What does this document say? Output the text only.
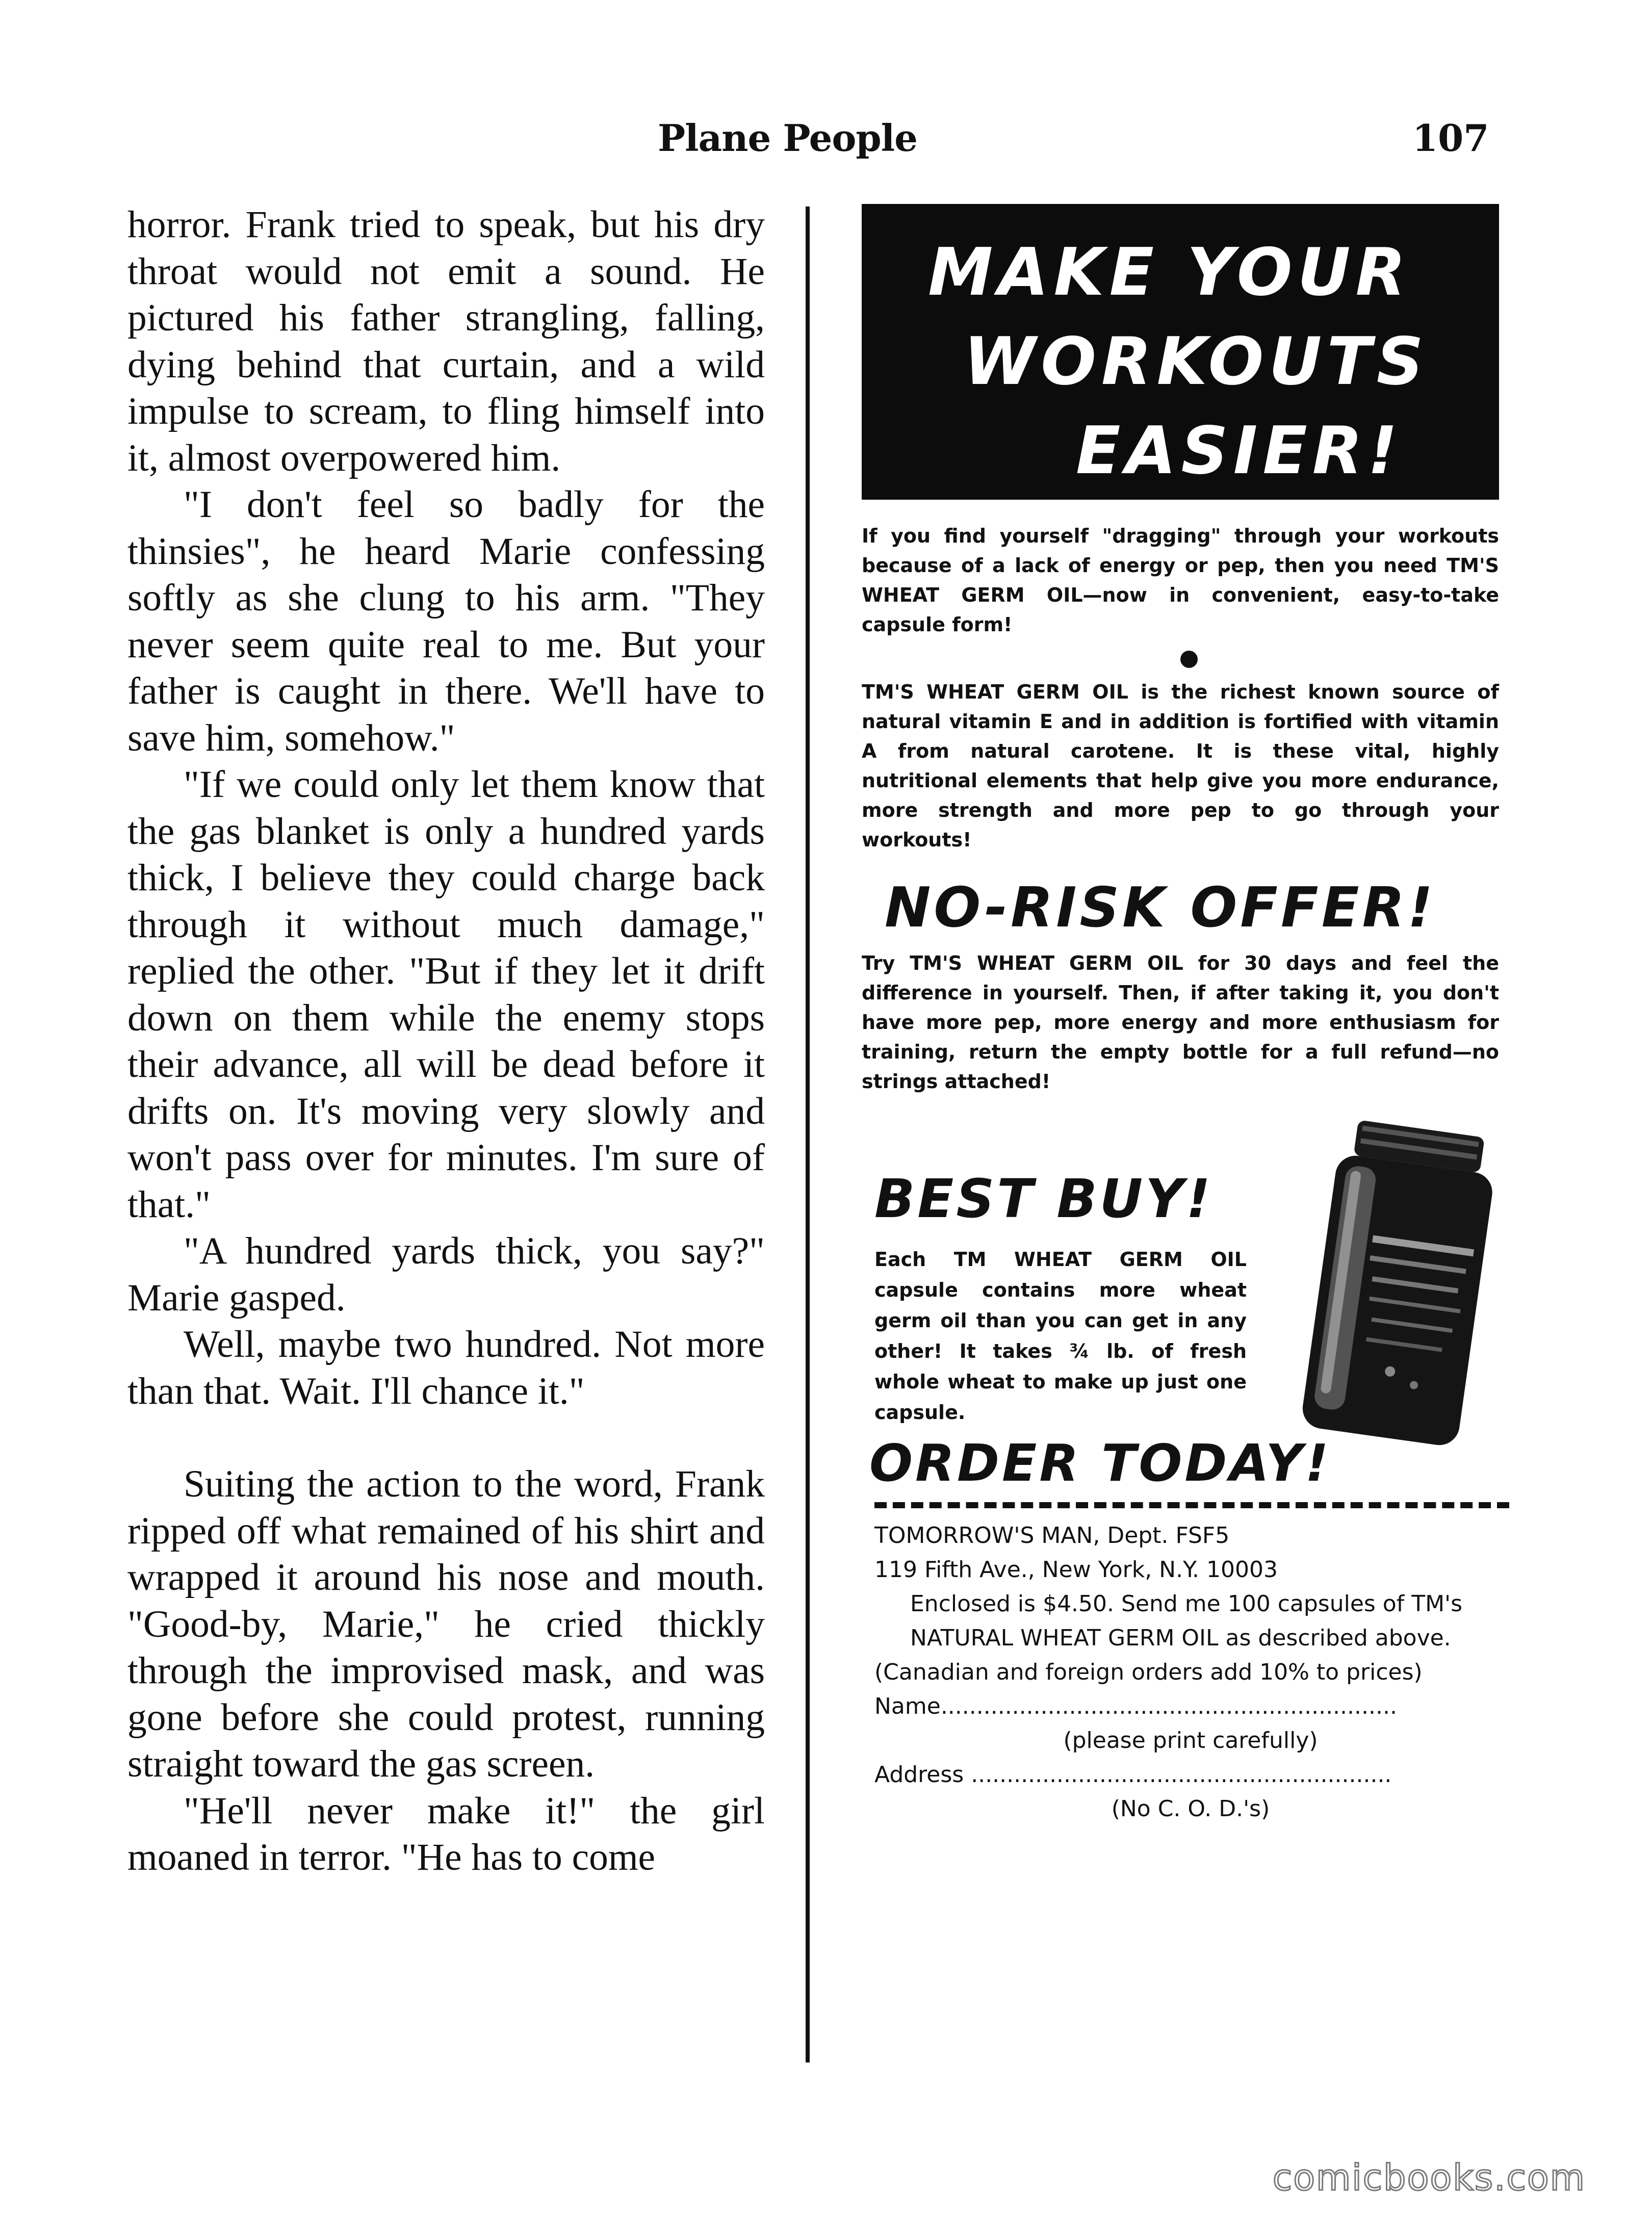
Plane People	107

horror. Frank tried to speak, but his dry throat would not emit a sound. He pictured his father strangling, falling, dying behind that curtain, and a wild impulse to scream, to fling himself into it, almost overpowered him.

"I don't feel so badly for the thinsies", he heard Marie confessing softly as she clung to his arm. "They never seem quite real to me. But your father is caught in there. We'll have to save him, somehow."

"If we could only let them know that the gas blanket is only a hundred yards thick, I believe they could charge back through it without much damage," replied the other. "But if they let it drift down on them while the enemy stops their advance, all will be dead before it drifts on. It's moving very slowly and won't pass over for minutes. I'm sure of that."

"A hundred yards thick, you say?" Marie gasped.

Well, maybe two hundred. Not more than that. Wait. I'll chance it."

Suiting the action to the word, Frank ripped off what remained of his shirt and wrapped it around his nose and mouth. "Good-by, Marie," he cried thickly through the improvised mask, and was gone before she could protest, running straight toward the gas screen.

"He'll never make it!" the girl moaned in terror. "He has to come

MAKE YOUR
WORKOUTS
EASIER!

If you find yourself "dragging" through your workouts because of a lack of energy or pep, then you need TM'S WHEAT GERM OIL—now in convenient, easy-to-take capsule form!

TM'S WHEAT GERM OIL is the richest known source of natural vitamin E and in addition is fortified with vitamin A from natural carotene. It is these vital, highly nutritional elements that help give you more endurance, more strength and more pep to go through your workouts!

NO-RISK OFFER!

Try TM'S WHEAT GERM OIL for 30 days and feel the difference in yourself. Then, if after taking it, you don't have more pep, more energy and more enthusiasm for training, return the empty bottle for a full refund—no strings attached!

BEST BUY!
Each TM WHEAT GERM OIL capsule contains more wheat germ oil than you can get in any other! It takes ¾ lb. of fresh whole wheat to make up just one capsule.
ORDER TODAY!
TOMORROW'S MAN, Dept. FSF5
119 Fifth Ave., New York, N.Y. 10003
Enclosed is $4.50. Send me 100 capsules of TM's NATURAL WHEAT GERM OIL as described above.
(Canadian and foreign orders add 10% to prices)
Name................................................................
(please print carefully)
Address ...........................................................
(No C. O. D.'s)
comicbooks.com
